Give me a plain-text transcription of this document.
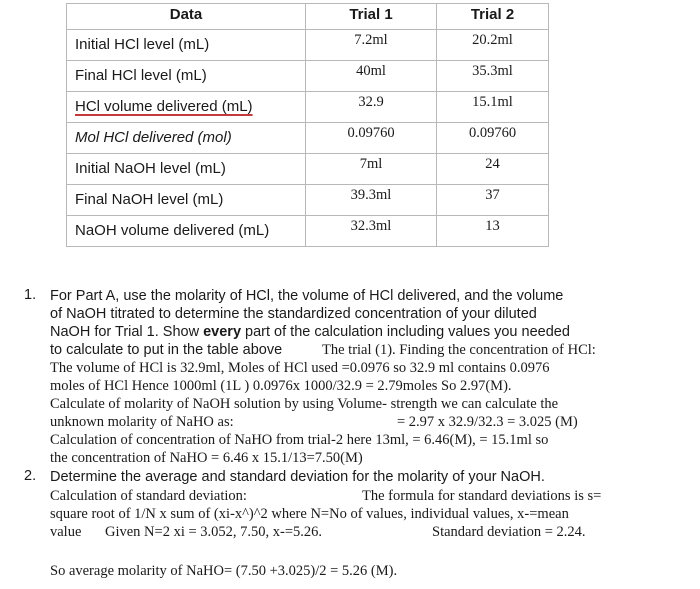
Data	Trial 1	Trial 2

Initial HCl level (mL)	7.2ml	20.2ml

Final HCl level (mL)	40ml	35.3ml

HCl volume delivered (mL)	32.9	15.1ml

Mol HCl delivered (mol)	0.09760	0.09760

Initial NaOH level (mL)	7ml	24

Final NaOH level (mL)	39.3ml	37

NaOH volume delivered (mL)	32.3ml	13
1. For Part A, use the molarity of HCl, the volume of HCl delivered, and the volume
of NaOH titrated to determine the standardized concentration of your diluted
NaOH for Trial 1. Show every part of the calculation including values you needed
to calculate to put in the table above	The trial (1). Finding the concentration of HCl:
The volume of HCl is 32.9ml, Moles of HCl used =0.0976 so 32.9 ml contains 0.0976
moles of HCl Hence 1000ml (1L ) 0.0976x 1000/32.9 = 2.79moles So 2.97(M).
Calculate of molarity of NaOH solution by using Volume- strength we can calculate the
unknown molarity of NaHO as:	= 2.97 x 32.9/32.3 = 3.025 (M)
Calculation of concentration of NaHO from trial-2 here 13ml, = 6.46(M), = 15.1ml so
the concentration of NaHO = 6.46 x 15.1/13=7.50(M)
2. Determine the average and standard deviation for the molarity of your NaOH.
Calculation of standard deviation:	The formula for standard deviations is s=
square root of 1/N x sum of (xi-x^)^2 where N=No of values, individual values, x-=mean
value Given N=2 xi = 3.052, 7.50, x-=5.26.	Standard deviation = 2.24.
So average molarity of NaHO= (7.50 +3.025)/2 = 5.26 (M).
